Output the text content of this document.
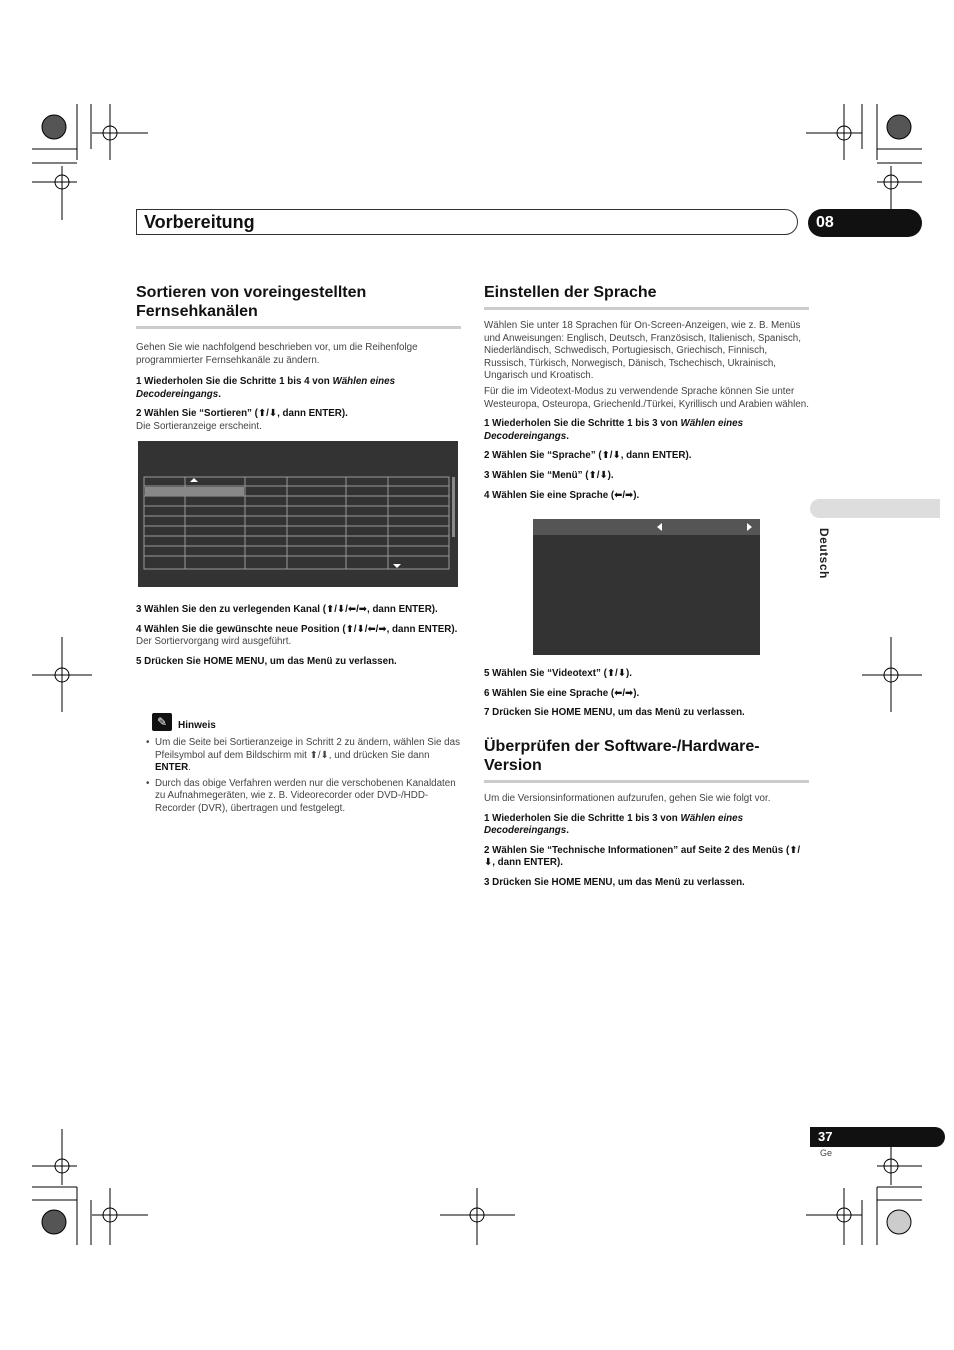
Vorbereitung	08
Deutsch
Sortieren von voreingestellten
Fernsehkanälen

Gehen Sie wie nachfolgend beschrieben vor, um die Reihenfolge programmierter Fernsehkanäle zu ändern.

1 Wiederholen Sie die Schritte 1 bis 4 von Wählen eines Decodereingangs.

2 Wählen Sie “Sortieren” (⬆/⬇, dann ENTER).

Die Sortieranzeige erscheint.

3 Wählen Sie den zu verlegenden Kanal (⬆/⬇/⬅/➡, dann ENTER).

4 Wählen Sie die gewünschte neue Position (⬆/⬇/⬅/➡, dann ENTER).

Der Sortiervorgang wird ausgeführt.

5 Drücken Sie HOME MENU, um das Menü zu verlassen.

✎	Hinweis
• Um die Seite bei Sortieranzeige in Schritt 2 zu ändern, wählen Sie das Pfeilsymbol auf dem Bildschirm mit ⬆/⬇, und drücken Sie dann ENTER.
• Durch das obige Verfahren werden nur die verschobenen Kanaldaten zu Aufnahmegeräten, wie z. B. Videorecorder oder DVD-/HDD-Recorder (DVR), übertragen und festgelegt.
Einstellen der Sprache

Wählen Sie unter 18 Sprachen für On-Screen-Anzeigen, wie z. B. Menüs und Anweisungen: Englisch, Deutsch, Französisch, Italienisch, Spanisch, Niederländisch, Schwedisch, Portugiesisch, Griechisch, Finnisch, Russisch, Türkisch, Norwegisch, Dänisch, Tschechisch, Ukrainisch, Ungarisch und Kroatisch.

Für die im Videotext-Modus zu verwendende Sprache können Sie unter Westeuropa, Osteuropa, Griechenld./Türkei, Kyrillisch und Arabien wählen.

1 Wiederholen Sie die Schritte 1 bis 3 von Wählen eines Decodereingangs.

2 Wählen Sie “Sprache” (⬆/⬇, dann ENTER).

3 Wählen Sie “Menü” (⬆/⬇).

4 Wählen Sie eine Sprache (⬅/➡).

5 Wählen Sie “Videotext” (⬆/⬇).

6 Wählen Sie eine Sprache (⬅/➡).

7 Drücken Sie HOME MENU, um das Menü zu verlassen.

Überprüfen der Software-/Hardware-
Version

Um die Versionsinformationen aufzurufen, gehen Sie wie folgt vor.

1 Wiederholen Sie die Schritte 1 bis 3 von Wählen eines Decodereingangs.

2 Wählen Sie “Technische Informationen” auf Seite 2 des Menüs (⬆/⬇, dann ENTER).

3 Drücken Sie HOME MENU, um das Menü zu verlassen.

37
Ge
